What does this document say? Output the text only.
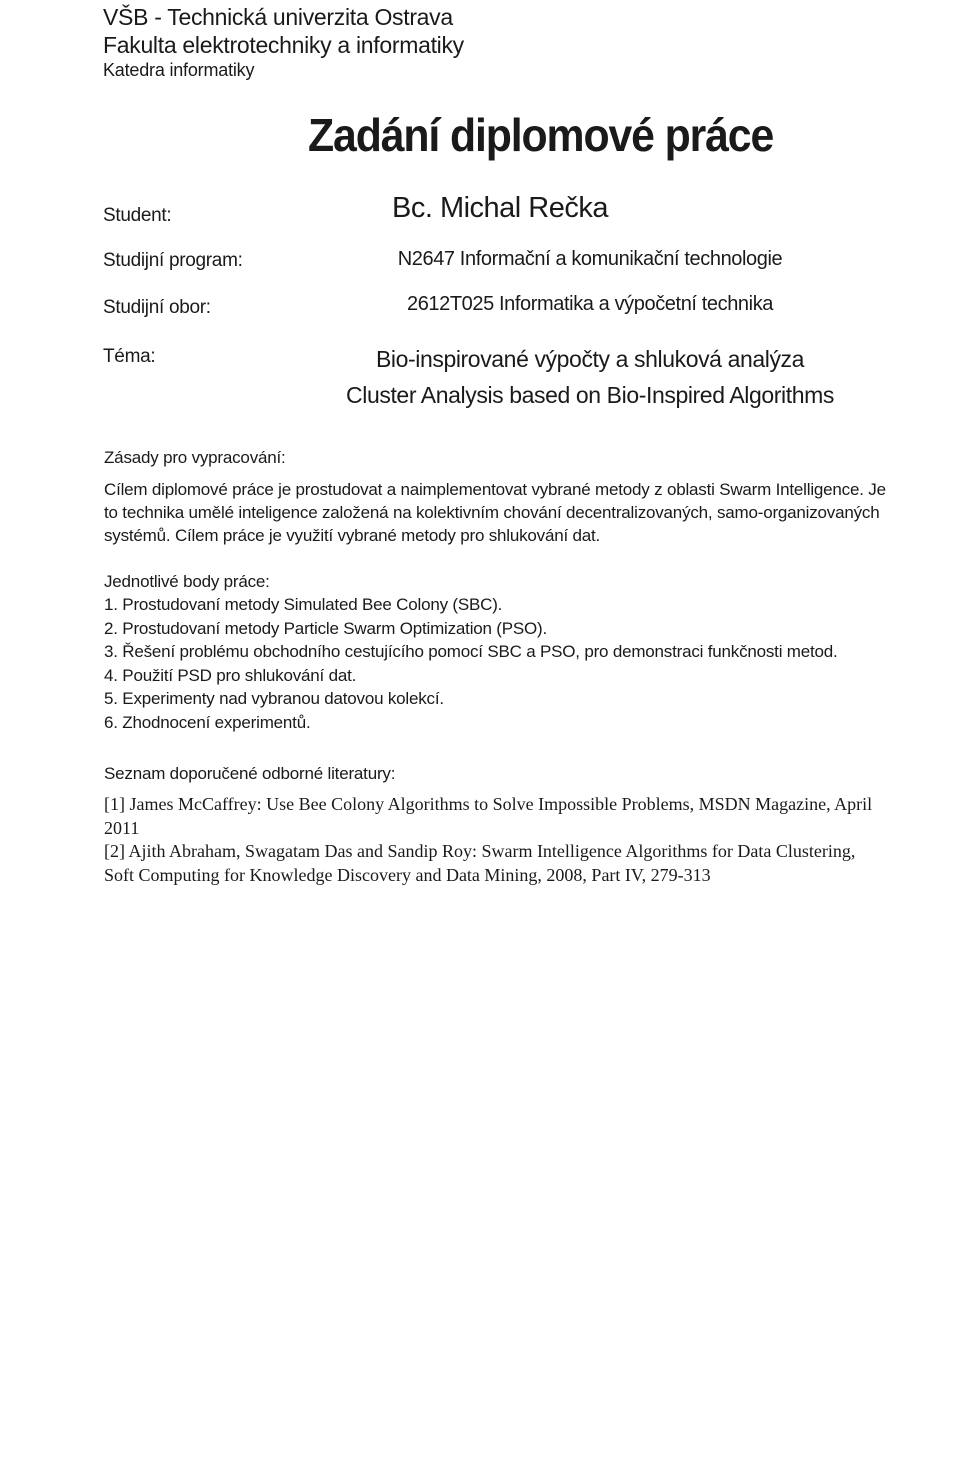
VŠB - Technická univerzita Ostrava
Fakulta elektrotechniky a informatiky
Katedra informatiky
Zadání diplomové práce
Student:
Studijní program:
Studijní obor:
Téma:
Bc. Michal Rečka
N2647 Informační a komunikační technologie
2612T025 Informatika a výpočetní technika
Bio-inspirované výpočty a shluková analýza
Cluster Analysis based on Bio-Inspired Algorithms
Zásady pro vypracování:
Cílem diplomové práce je prostudovat a naimplementovat vybrané metody z oblasti Swarm Intelligence. Je
to technika umělé inteligence založená na kolektivním chování decentralizovaných, samo-organizovaných
systémů. Cílem práce je využití vybrané metody pro shlukování dat.
Jednotlivé body práce:
1. Prostudovaní metody Simulated Bee Colony (SBC).
2. Prostudovaní metody Particle Swarm Optimization (PSO).
3. Řešení problému obchodního cestujícího pomocí SBC a PSO, pro demonstraci funkčnosti metod.
4. Použití PSD pro shlukování dat.
5. Experimenty nad vybranou datovou kolekcí.
6. Zhodnocení experimentů.
Seznam doporučené odborné literatury:
[1] James McCaffrey: Use Bee Colony Algorithms to Solve Impossible Problems, MSDN Magazine, April
2011
[2] Ajith Abraham, Swagatam Das and Sandip Roy: Swarm Intelligence Algorithms for Data Clustering,
Soft Computing for Knowledge Discovery and Data Mining, 2008, Part IV, 279-313
